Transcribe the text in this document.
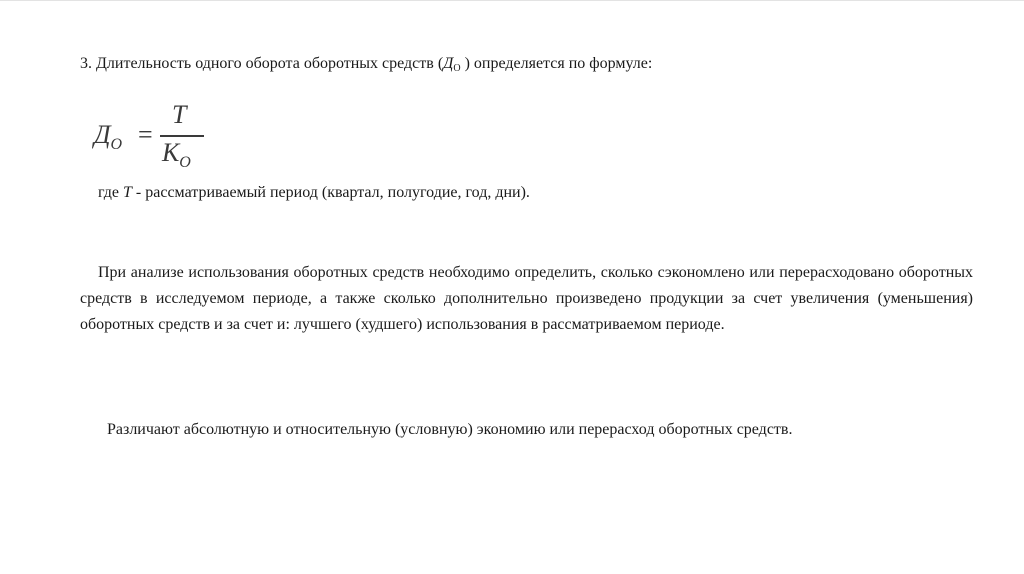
3. Длительность одного оборота оборотных средств ($Д_О$ ) определяется по формуле:
$Д_О$ =
Т
$К_О$
где Т - рассматриваемый период (квартал, полугодие, год, дни).
При анализе использования оборотных средств необходимо определить, сколько сэкономлено или перерасходовано оборотных средств в исследуемом периоде, а также сколько дополнительно произведено продукции за счет увеличения (уменьшения) оборотных средств и за счет и: лучшего (худшего) использования в рассматриваемом периоде.
Различают абсолютную и относительную (условную) экономию или перерасход оборотных средств.
